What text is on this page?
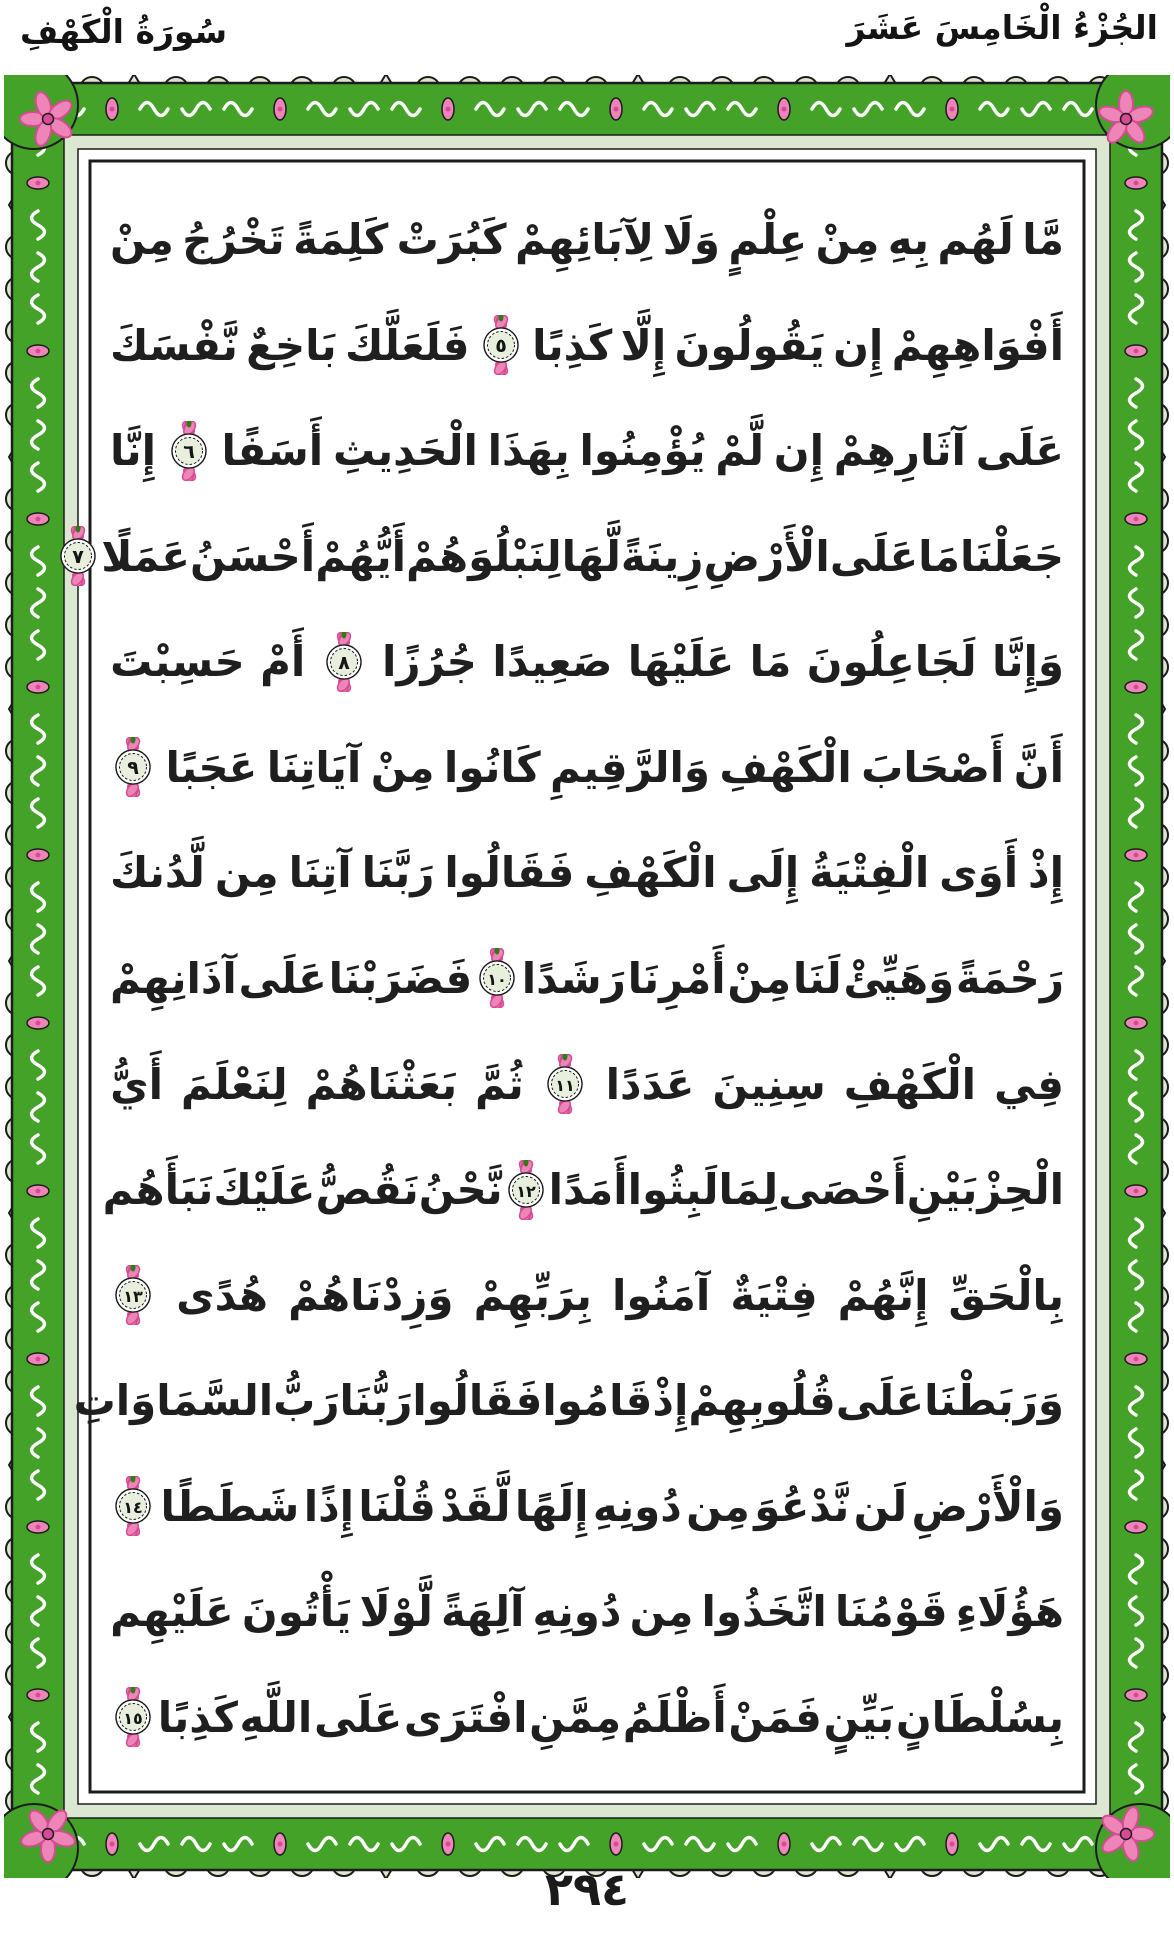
الجُزْءُ الْخَامِسَ عَشَرَ
سُورَةُ الْكَهْفِ
مَّا
لَهُم
بِهِ
مِنْ
عِلْمٍ
وَلَا
لِآبَائِهِمْ
كَبُرَتْ
كَلِمَةً
تَخْرُجُ
مِنْ
أَفْوَاهِهِمْ
إِن
يَقُولُونَ
إِلَّا
كَذِبًا
٥
فَلَعَلَّكَ
بَاخِعٌ
نَّفْسَكَ
عَلَى
آثَارِهِمْ
إِن
لَّمْ
يُؤْمِنُوا
بِهَذَا
الْحَدِيثِ
أَسَفًا
٦
إِنَّا
جَعَلْنَا
مَا
عَلَى
الْأَرْضِ
زِينَةً
لَّهَا
لِنَبْلُوَهُمْ
أَيُّهُمْ
أَحْسَنُ
عَمَلًا
٧
وَإِنَّا
لَجَاعِلُونَ
مَا
عَلَيْهَا
صَعِيدًا
جُرُزًا
٨
أَمْ
حَسِبْتَ
أَنَّ
أَصْحَابَ
الْكَهْفِ
وَالرَّقِيمِ
كَانُوا
مِنْ
آيَاتِنَا
عَجَبًا
٩
إِذْ
أَوَى
الْفِتْيَةُ
إِلَى
الْكَهْفِ
فَقَالُوا
رَبَّنَا
آتِنَا
مِن
لَّدُنكَ
رَحْمَةً
وَهَيِّئْ
لَنَا
مِنْ
أَمْرِنَا
رَشَدًا
١٠
فَضَرَبْنَا
عَلَى
آذَانِهِمْ
فِي
الْكَهْفِ
سِنِينَ
عَدَدًا
١١
ثُمَّ
بَعَثْنَاهُمْ
لِنَعْلَمَ
أَيُّ
الْحِزْبَيْنِ
أَحْصَى
لِمَا
لَبِثُوا
أَمَدًا
١٢
نَّحْنُ
نَقُصُّ
عَلَيْكَ
نَبَأَهُم
بِالْحَقِّ
إِنَّهُمْ
فِتْيَةٌ
آمَنُوا
بِرَبِّهِمْ
وَزِدْنَاهُمْ
هُدًى
١٣
وَرَبَطْنَا
عَلَى
قُلُوبِهِمْ
إِذْ
قَامُوا
فَقَالُوا
رَبُّنَا
رَبُّ
السَّمَاوَاتِ
وَالْأَرْضِ
لَن
نَّدْعُوَ
مِن
دُونِهِ
إِلَهًا
لَّقَدْ
قُلْنَا
إِذًا
شَطَطًا
١٤
هَؤُلَاءِ
قَوْمُنَا
اتَّخَذُوا
مِن
دُونِهِ
آلِهَةً
لَّوْلَا
يَأْتُونَ
عَلَيْهِم
بِسُلْطَانٍ
بَيِّنٍ
فَمَنْ
أَظْلَمُ
مِمَّنِ
افْتَرَى
عَلَى
اللَّهِ
كَذِبًا
١٥
٢٩٤
